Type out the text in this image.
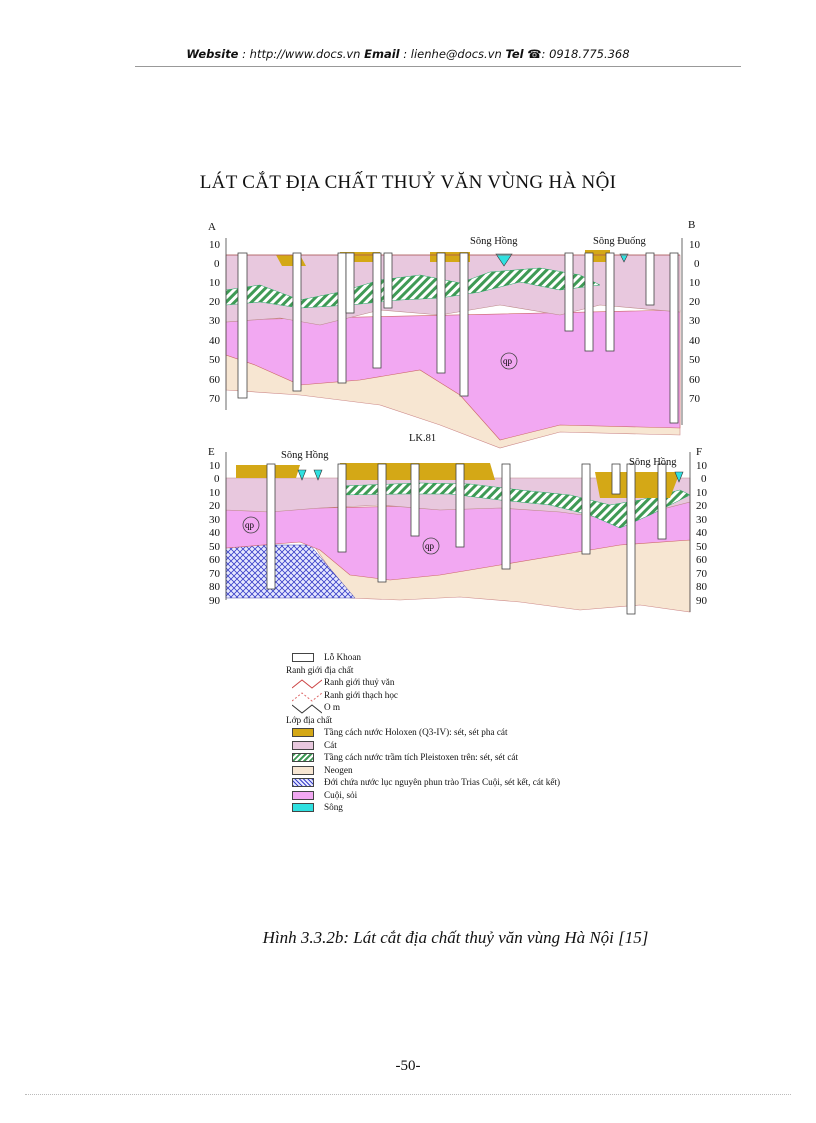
Website : http://www.docs.vn Email : lienhe@docs.vn Tel ☎: 0918.775.368
LÁT CẮT ĐỊA CHẤT THUỶ VĂN VÙNG HÀ NỘI
A	B
10
0
10
20
30
40
50
60
70
10
0
10
20
30
40
50
60
70
Sông Hồng	Sông Đuống
LK.81
qp
E	F
10
0
10
20
30
40
50
60
70
80
90
10
0
10
20
30
40
50
60
70
80
90
Sông Hồng
Sông Hồng
qp
qp
Lỗ Khoan
Ranh giới địa chất
Ranh giới thuỷ văn
Ranh giới thạch học
O m
Lớp địa chất
Tầng cách nước Holoxen (Q3-IV): sét, sét pha cát
Cát
Tầng cách nước trầm tích Pleistoxen trên: sét, sét cát
Neogen
Đới chứa nước lục nguyên phun trào Trias Cuội, sét kết, cát kết)
Cuội, sỏi
Sông
Hình 3.3.2b: Lát cắt địa chất thuỷ văn vùng Hà Nội [15]
-50-
